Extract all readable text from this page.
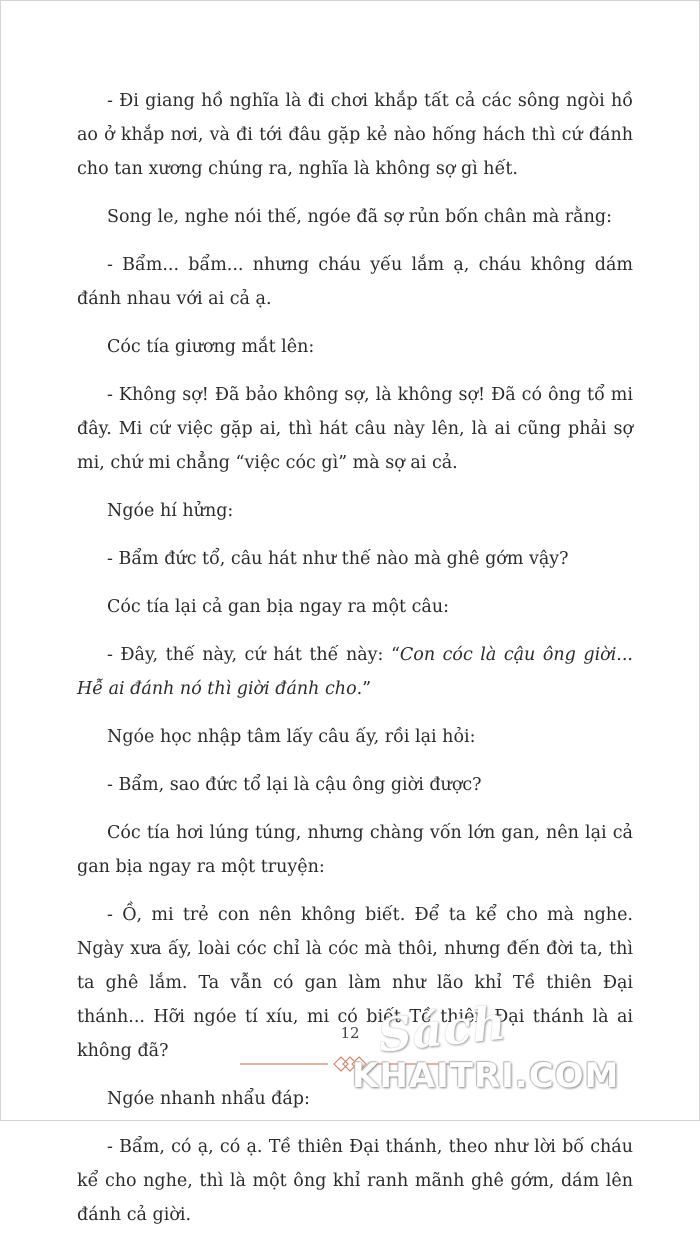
- Đi giang hồ nghĩa là đi chơi khắp tất cả các sông ngòi hồ ao ở khắp nơi, và đi tới đâu gặp kẻ nào hống hách thì cứ đánh cho tan xương chúng ra, nghĩa là không sợ gì hết.

Song le, nghe nói thế, ngóe đã sợ rủn bốn chân mà rằng:

- Bẩm... bẩm... nhưng cháu yếu lắm ạ, cháu không dám đánh nhau với ai cả ạ.

Cóc tía giương mắt lên:

- Không sợ! Đã bảo không sợ, là không sợ! Đã có ông tổ mi đây. Mi cứ việc gặp ai, thì hát câu này lên, là ai cũng phải sợ mi, chứ mi chẳng “việc cóc gì” mà sợ ai cả.

Ngóe hí hửng:

- Bẩm đức tổ, câu hát như thế nào mà ghê gớm vậy?

Cóc tía lại cả gan bịa ngay ra một câu:

- Đây, thế này, cứ hát thế này: “Con cóc là cậu ông giời... Hễ ai đánh nó thì giời đánh cho.”

Ngóe học nhập tâm lấy câu ấy, rồi lại hỏi:

- Bẩm, sao đức tổ lại là cậu ông giời được?

Cóc tía hơi lúng túng, nhưng chàng vốn lớn gan, nên lại cả gan bịa ngay ra một truyện:

- Ồ, mi trẻ con nên không biết. Để ta kể cho mà nghe. Ngày xưa ấy, loài cóc chỉ là cóc mà thôi, nhưng đến đời ta, thì ta ghê lắm. Ta vẫn có gan làm như lão khỉ Tề thiên Đại thánh... Hỡi ngóe tí xíu, mi có biết Tề thiên Đại thánh là ai không đã?

Ngóe nhanh nhẩu đáp:

- Bẩm, có ạ, có ạ. Tề thiên Đại thánh, theo như lời bố cháu kể cho nghe, thì là một ông khỉ ranh mãnh ghê gớm, dám lên đánh cả giời.

12 Sách
KHAITRI.COM
